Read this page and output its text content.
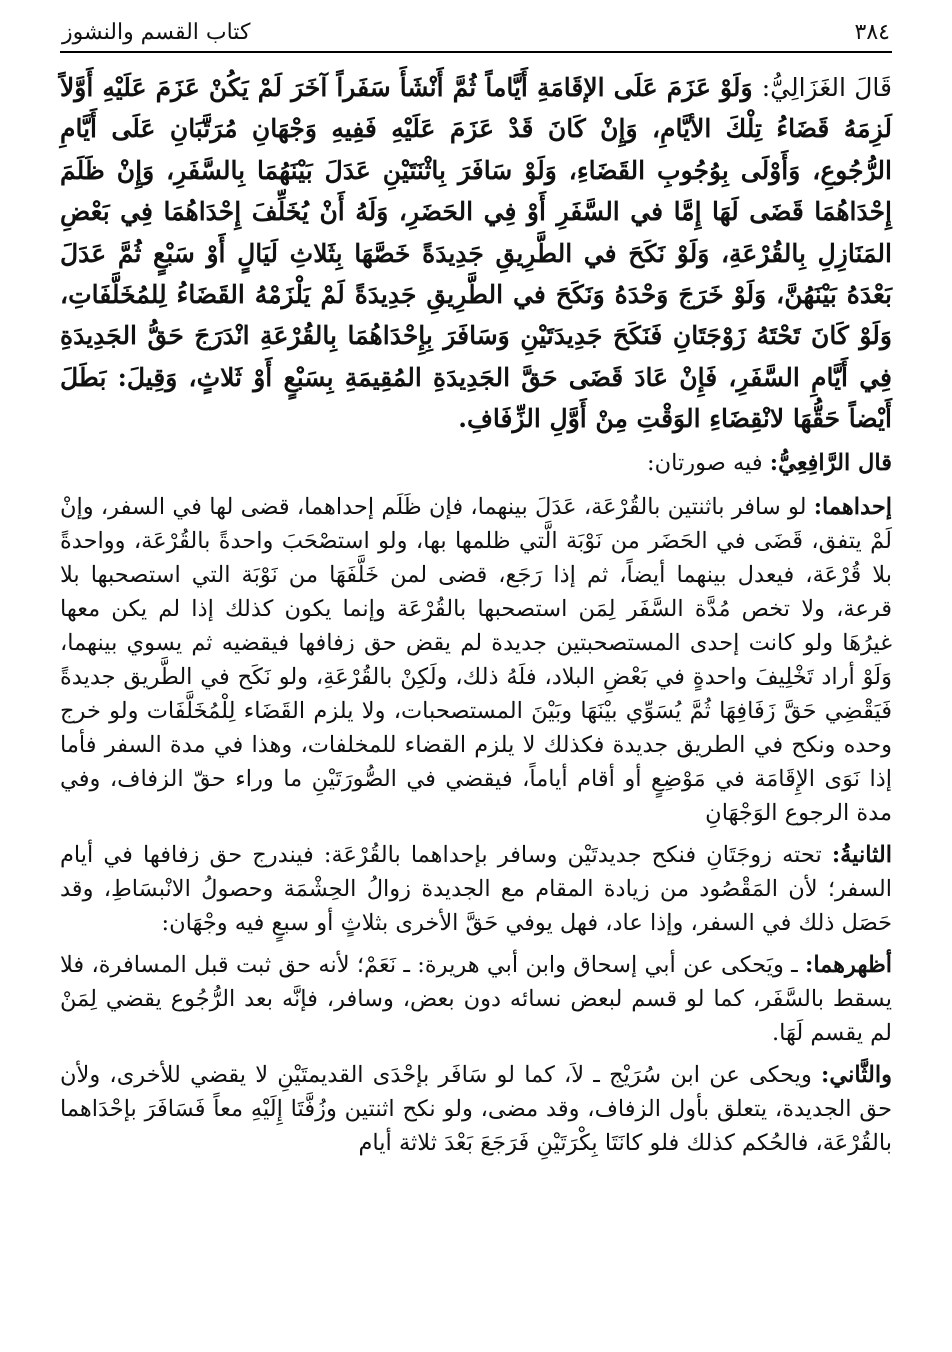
٣٨٤
كتاب القسم والنشوز

قَالَ الغَزَالِيُّ: وَلَوْ عَزَمَ عَلَى الإقَامَةِ أَيَّاماً ثُمَّ أَنْشَأَ سَفَراً آخَرَ لَمْ يَكُنْ عَزَمَ عَلَيْهِ أَوَّلاً لَزِمَهُ قَضَاءُ تِلْكَ الأيَّامِ، وَإِنْ كَانَ قَدْ عَزَمَ عَلَيْهِ فَفِيهِ وَجْهَانِ مُرَتَّبَانِ عَلَى أَيَّامِ الرُّجُوعِ، وَأَوْلَى بِوُجُوبِ القَضَاءِ، وَلَوْ سَافَرَ بِاثْنَتَيْنِ عَدَلَ بَيْنَهُمَا بِالسَّفَرِ، وَإِنْ ظَلَمَ إِحْدَاهُمَا قَضَى لَهَا إِمَّا في السَّفَرِ أَوْ فِي الحَضَرِ، وَلَهُ أَنْ يُخَلِّفَ إِحْدَاهُمَا فِي بَعْضِ المَنَازِلِ بِالقُرْعَةِ، وَلَوْ نَكَحَ في الطَّرِيقِ جَدِيدَةً خَصَّهَا بِثَلاثِ لَيَالٍ أَوْ سَبْعٍ ثُمَّ عَدَلَ بَعْدَهُ بَيْنَهُنَّ، وَلَوْ خَرَجَ وَحْدَهُ وَنَكَحَ في الطَّرِيقِ جَدِيدَةً لَمْ يَلْزَمْهُ القَضَاءُ لِلمُخَلَّفَاتِ، وَلَوْ كَانَ تَحْتَهُ زَوْجَتَانِ فَنَكَحَ جَدِيدَتَيْنِ وَسَافَرَ بِإِحْدَاهُمَا بِالقُرْعَةِ انْدَرَجَ حَقُّ الجَدِيدَةِ فِي أَيَّامِ السَّفَرِ، فَإِنْ عَادَ قَضَى حَقَّ الجَدِيدَةِ المُقِيمَةِ بِسَبْعٍ أَوْ ثَلاثٍ، وَقِيلَ: بَطَلَ أَيْضاً حَقُّهَا لانْقِضَاءِ الوَقْتِ مِنْ أَوَّلِ الزِّفَافِ.

قال الرَّافِعِيُّ: فيه صورتان:

إحداهما: لو سافر باثنتين بالقُرْعَة، عَدَلَ بينهما، فإن ظَلَم إحداهما، قضى لها في السفر، وإنْ لَمْ يتفق، قَضَى في الحَضَر من نَوْبَة الَّتي ظلمها بها، ولو استصْحَبَ واحدةً بالقُرْعَة، وواحدةً بلا قُرْعَة، فيعدل بينهما أيضاً، ثم إذا رَجَع، قضى لمن خَلَّفَهَا من نَوْبَة التي استصحبها بلا قرعة، ولا تخص مُدَّة السَّفَر لِمَن استصحبها بالقُرْعَة وإنما يكون كذلك إذا لم يكن معها غيرُهَا ولو كانت إحدى المستصحبتين جديدة لم يقض حق زفافها فيقضيه ثم يسوي بينهما، وَلَوْ أراد تَخْلِيفَ واحدةٍ في بَعْضِ البلاد، فلَهُ ذلك، ولَكِنْ بالقُرْعَةِ، ولو نَكَح في الطَّريق جديدةً فَيَقْضِي حَقَّ زَفَافِهَا ثُمَّ يُسَوِّي بيْنَهَا وبَيْنَ المستصحبات، ولا يلزم القَضَاء لِلْمُخَلَّفَات ولو خرج وحده ونكح في الطريق جديدة فكذلك لا يلزم القضاء للمخلفات، وهذا في مدة السفر فأما إذا نَوَى الإِقَامَة في مَوْضِعٍ أو أقام أياماً، فيقضي في الصُّورَتَيْنِ ما وراء حقّ الزفاف، وفي مدة الرجوع الوَجْهَانِ

الثانيةُ: تحته زوجَتَانِ فنكح جديدتَيْن وسافر بإحداهما بالقُرْعَة: فيندرج حق زفافها في أيام السفر؛ لأن المَقْصُود من زيادة المقام مع الجديدة زوالُ الحِشْمَة وحصولُ الانْبسَاطِ، وقد حَصَل ذلك في السفر، وإذا عاد، فهل يوفي حَقَّ الأخرى بثلاثٍ أو سبعٍ فيه وجْهَان:

أظهرهما: ـ ويَحكى عن أبي إسحاق وابن أبي هريرة: ـ نَعَمْ؛ لأنه حق ثبت قبل المسافرة، فلا يسقط بالسَّفَر، كما لو قسم لبعض نسائه دون بعض، وسافر، فإنَّه بعد الرُّجُوع يقضي لِمَنْ لم يقسم لَهَا.

والثَّاني: ويحكى عن ابن سُرَيْج ـ لاَ، كما لو سَافَر بإحْدَى القديمتَيْنِ لا يقضي للأخرى، ولأن حق الجديدة، يتعلق بأول الزفاف، وقد مضى، ولو نكح اثنتين وزُفَّتَا إِلَيْهِ معاً فَسَافَرَ بإحْدَاهما بالقُرْعَة، فالحُكم كذلك فلو كانَتَا بِكْرَتَيْنِ فَرَجَعَ بَعْدَ ثلاثة أيام
